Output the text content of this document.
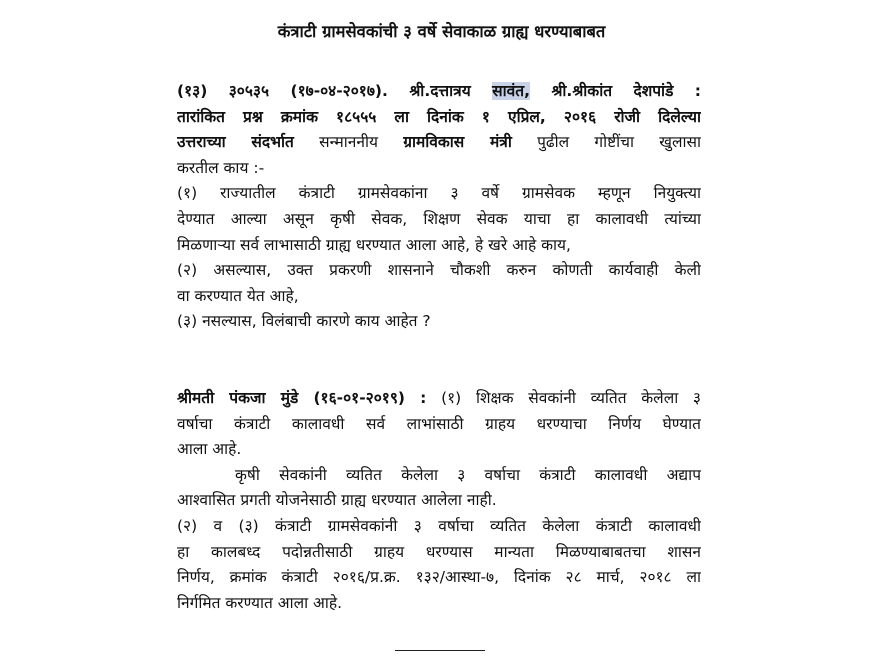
कंत्राटी ग्रामसेवकांची ३ वर्षे सेवाकाळ ग्राह्य धरण्याबाबत
(१३) ३०५३५ (१७-०४-२०१७). श्री.दत्तात्रय सावंत, श्री.श्रीकांत देशपांडे :
तारांकित प्रश्न क्रमांक १८५५५ ला दिनांक १ एप्रिल, २०१६ रोजी दिलेल्या
उत्तराच्या संदर्भात सन्माननीय ग्रामविकास मंत्री पुढील गोष्टींचा खुलासा
करतील काय :-
(१) राज्यातील कंत्राटी ग्रामसेवकांना ३ वर्षे ग्रामसेवक म्हणून नियुक्त्या
देण्यात आल्या असून कृषी सेवक, शिक्षण सेवक याचा हा कालावधी त्यांच्या
मिळणाऱ्या सर्व लाभासाठी ग्राह्य धरण्यात आला आहे, हे खरे आहे काय,
(२) असल्यास, उक्त प्रकरणी शासनाने चौकशी करुन कोणती कार्यवाही केली
वा करण्यात येत आहे,
(३) नसल्यास, विलंबाची कारणे काय आहेत ?
श्रीमती पंकजा मुंडे (१६-०१-२०१९) : (१) शिक्षक सेवकांनी व्यतित केलेला ३
वर्षाचा कंत्राटी कालावधी सर्व लाभांसाठी ग्राहय धरण्याचा निर्णय घेण्यात
आला आहे.
कृषी सेवकांनी व्यतित केलेला ३ वर्षाचा कंत्राटी कालावधी अद्याप
आश्वासित प्रगती योजनेसाठी ग्राह्य धरण्यात आलेला नाही.
(२) व (३) कंत्राटी ग्रामसेवकांनी ३ वर्षाचा व्यतित केलेला कंत्राटी कालावधी
हा कालबध्द पदोन्नतीसाठी ग्राहय धरण्यास मान्यता मिळण्याबाबतचा शासन
निर्णय, क्रमांक कंत्राटी २०१६/प्र.क्र. १३२/आस्था-७, दिनांक २८ मार्च, २०१८ ला
निर्गमित करण्यात आला आहे.
